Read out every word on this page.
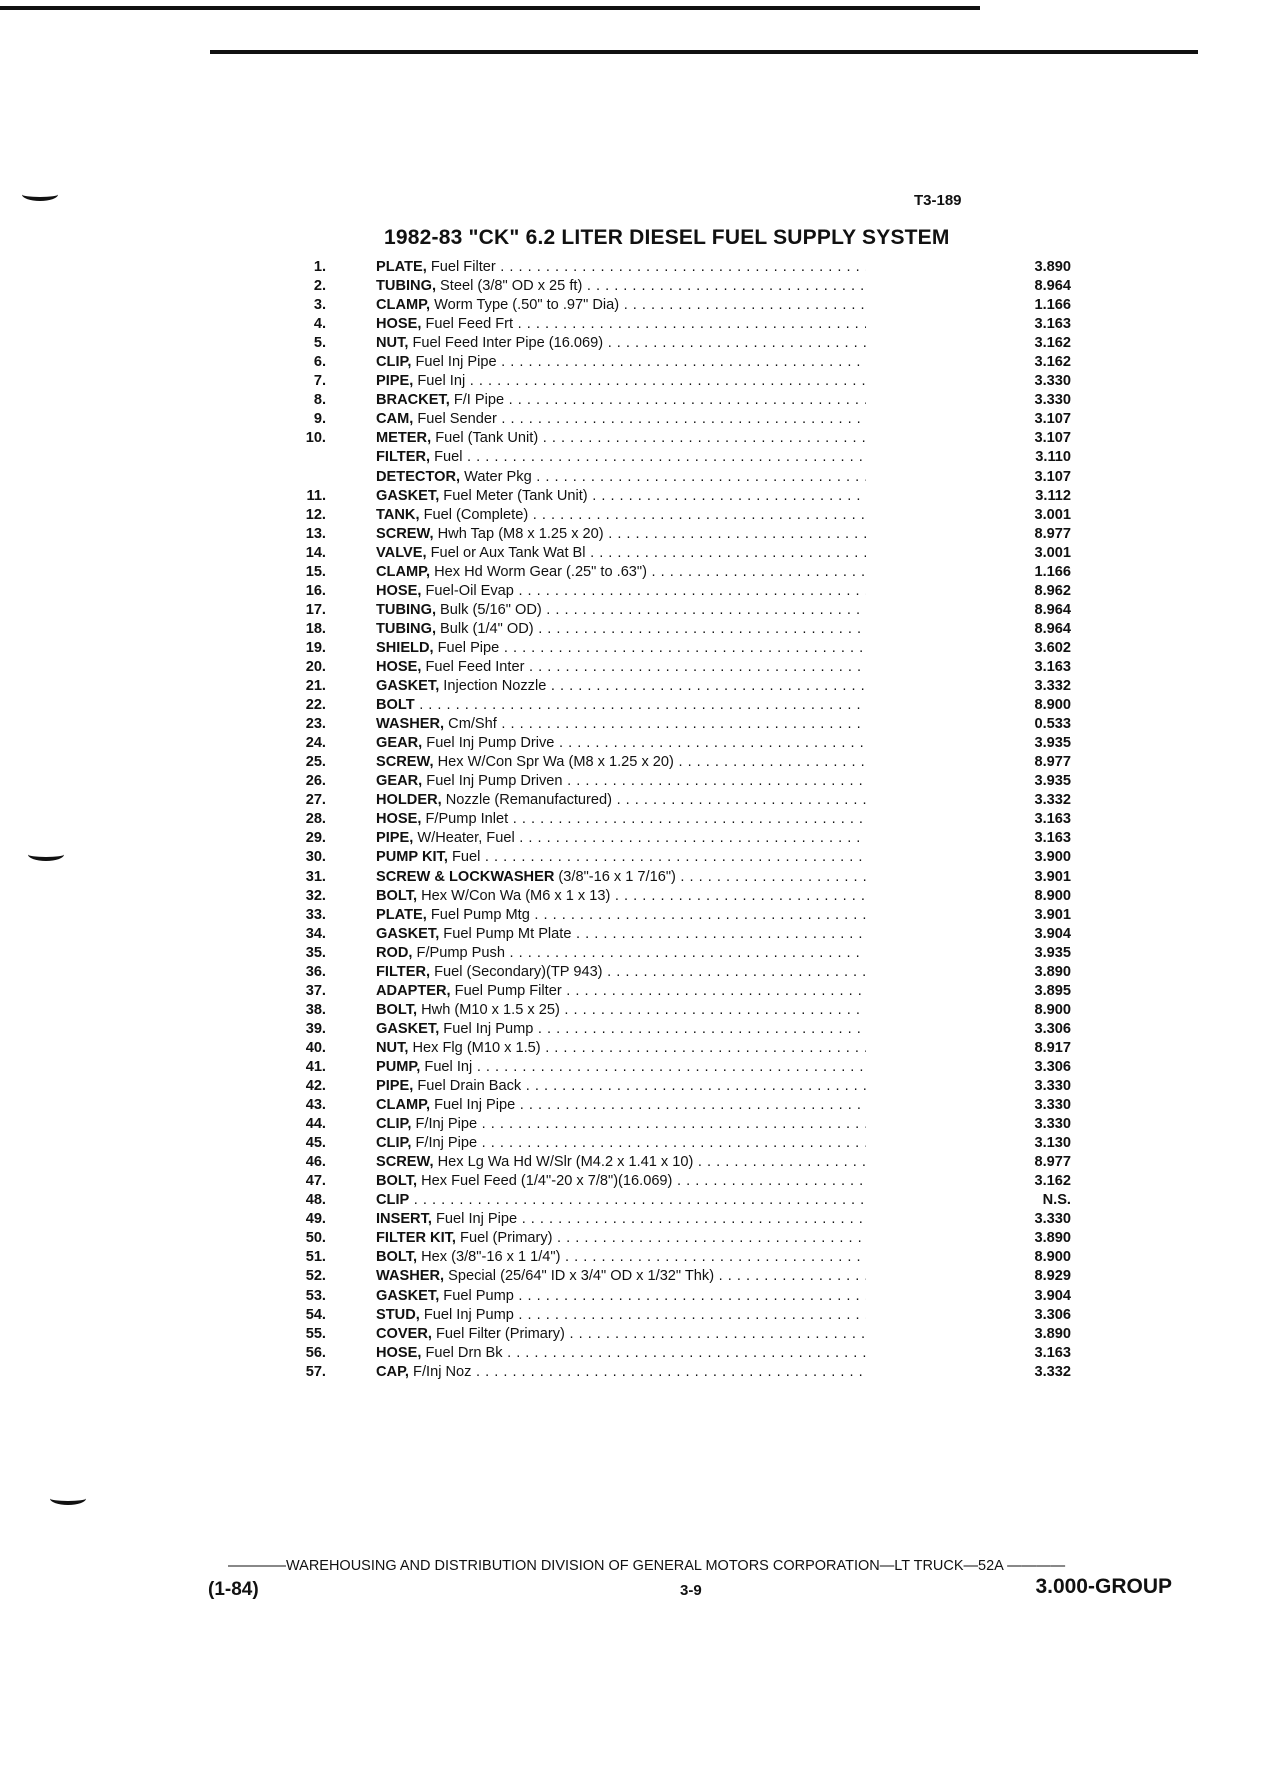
T3-189
1982-83 "CK" 6.2 LITER DIESEL FUEL SUPPLY SYSTEM
1.	PLATE, Fuel Filter . . .	3.890
2.	TUBING, Steel (3/8" OD x 25 ft) . . .	8.964
3.	CLAMP, Worm Type (.50" to .97" Dia) . . .	1.166
4.	HOSE, Fuel Feed Frt . . .	3.163
5.	NUT, Fuel Feed Inter Pipe (16.069) . . .	3.162
6.	CLIP, Fuel Inj Pipe . . .	3.162
7.	PIPE, Fuel Inj . . .	3.330
8.	BRACKET, F/I Pipe . . .	3.330
9.	CAM, Fuel Sender . . .	3.107
10.	METER, Fuel (Tank Unit) . . .	3.107
FILTER, Fuel . . .	3.110
DETECTOR, Water Pkg . . .	3.107
11.	GASKET, Fuel Meter (Tank Unit) . . .	3.112
12.	TANK, Fuel (Complete) . . .	3.001
13.	SCREW, Hwh Tap (M8 x 1.25 x 20) . . .	8.977
14.	VALVE, Fuel or Aux Tank Wat Bl . . .	3.001
15.	CLAMP, Hex Hd Worm Gear (.25" to .63") . . .	1.166
16.	HOSE, Fuel-Oil Evap . . .	8.962
17.	TUBING, Bulk (5/16" OD) . . .	8.964
18.	TUBING, Bulk (1/4" OD) . . .	8.964
19.	SHIELD, Fuel Pipe . . .	3.602
20.	HOSE, Fuel Feed Inter . . .	3.163
21.	GASKET, Injection Nozzle . . .	3.332
22.	BOLT . . .	8.900
23.	WASHER, Cm/Shf . . .	0.533
24.	GEAR, Fuel Inj Pump Drive . . .	3.935
25.	SCREW, Hex W/Con Spr Wa (M8 x 1.25 x 20) . . .	8.977
26.	GEAR, Fuel Inj Pump Driven . . .	3.935
27.	HOLDER, Nozzle (Remanufactured) . . .	3.332
28.	HOSE, F/Pump Inlet . . .	3.163
29.	PIPE, W/Heater, Fuel . . .	3.163
30.	PUMP KIT, Fuel . . .	3.900
31.	SCREW & LOCKWASHER (3/8"-16 x 1 7/16") . . .	3.901
32.	BOLT, Hex W/Con Wa (M6 x 1 x 13) . . .	8.900
33.	PLATE, Fuel Pump Mtg . . .	3.901
34.	GASKET, Fuel Pump Mt Plate . . .	3.904
35.	ROD, F/Pump Push . . .	3.935
36.	FILTER, Fuel (Secondary)(TP 943) . . .	3.890
37.	ADAPTER, Fuel Pump Filter . . .	3.895
38.	BOLT, Hwh (M10 x 1.5 x 25) . . .	8.900
39.	GASKET, Fuel Inj Pump . . .	3.306
40.	NUT, Hex Flg (M10 x 1.5) . . .	8.917
41.	PUMP, Fuel Inj . . .	3.306
42.	PIPE, Fuel Drain Back . . .	3.330
43.	CLAMP, Fuel Inj Pipe . . .	3.330
44.	CLIP, F/Inj Pipe . . .	3.330
45.	CLIP, F/Inj Pipe . . .	3.130
46.	SCREW, Hex Lg Wa Hd W/Slr (M4.2 x 1.41 x 10) . . .	8.977
47.	BOLT, Hex Fuel Feed (1/4"-20 x 7/8")(16.069) . . .	3.162
48.	CLIP . . .	N.S.
49.	INSERT, Fuel Inj Pipe . . .	3.330
50.	FILTER KIT, Fuel (Primary) . . .	3.890
51.	BOLT, Hex (3/8"-16 x 1 1/4") . . .	8.900
52.	WASHER, Special (25/64" ID x 3/4" OD x 1/32" Thk) . . .	8.929
53.	GASKET, Fuel Pump . . .	3.904
54.	STUD, Fuel Inj Pump . . .	3.306
55.	COVER, Fuel Filter (Primary) . . .	3.890
56.	HOSE, Fuel Drn Bk . . .	3.163
57.	CAP, F/Inj Noz . . .	3.332
————WAREHOUSING AND DISTRIBUTION DIVISION OF GENERAL MOTORS CORPORATION—LT TRUCK—52A ————
(1-84)	3-9	3.000-GROUP
